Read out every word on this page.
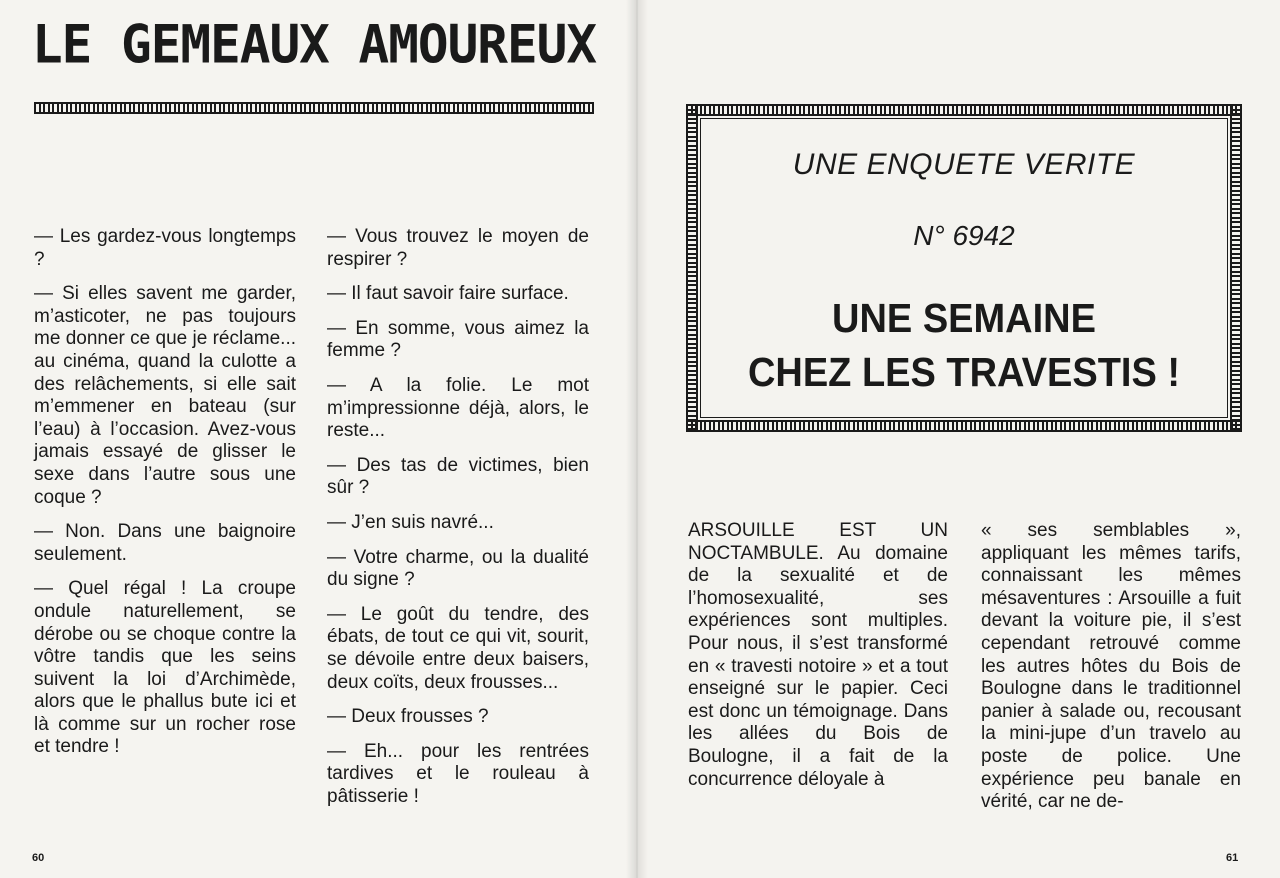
LE GEMEAUX AMOUREUX

— Les gardez-vous longtemps ?

— Si elles savent me garder, m’asticoter, ne pas toujours me donner ce que je réclame... au cinéma, quand la culotte a des relâchements, si elle sait m’emmener en bateau (sur l’eau) à l’occasion. Avez-vous jamais essayé de glisser le sexe dans l’autre sous une coque ?

— Non. Dans une baignoire seulement.

— Quel régal ! La croupe ondule naturellement, se dérobe ou se choque contre la vôtre tandis que les seins suivent la loi d’Archimède, alors que le phallus bute ici et là comme sur un rocher rose et tendre !

— Vous trouvez le moyen de respirer ?

— Il faut savoir faire surface.

— En somme, vous aimez la femme ?

— A la folie. Le mot m’impressionne déjà, alors, le reste...

— Des tas de victimes, bien sûr ?

— J’en suis navré...

— Votre charme, ou la dualité du signe ?

— Le goût du tendre, des ébats, de tout ce qui vit, sourit, se dévoile entre deux baisers, deux coïts, deux frousses...

— Deux frousses ?

— Eh... pour les rentrées tardives et le rouleau à pâtisserie !

60
UNE ENQUETE VERITE
N° 6942
UNE SEMAINE
CHEZ LES TRAVESTIS !

ARSOUILLE EST UN NOCTAMBULE. Au domaine de la sexualité et de l’homosexualité, ses expériences sont multiples. Pour nous, il s’est transformé en « travesti notoire » et a tout enseigné sur le papier. Ceci est donc un témoignage. Dans les allées du Bois de Boulogne, il a fait de la concurrence déloyale à

« ses semblables », appliquant les mêmes tarifs, connaissant les mêmes mésaventures : Arsouille a fuit devant la voiture pie, il s’est cependant retrouvé comme les autres hôtes du Bois de Boulogne dans le traditionnel panier à salade ou, recousant la mini-jupe d’un travelo au poste de police. Une expérience peu banale en vérité, car ne de-

61
